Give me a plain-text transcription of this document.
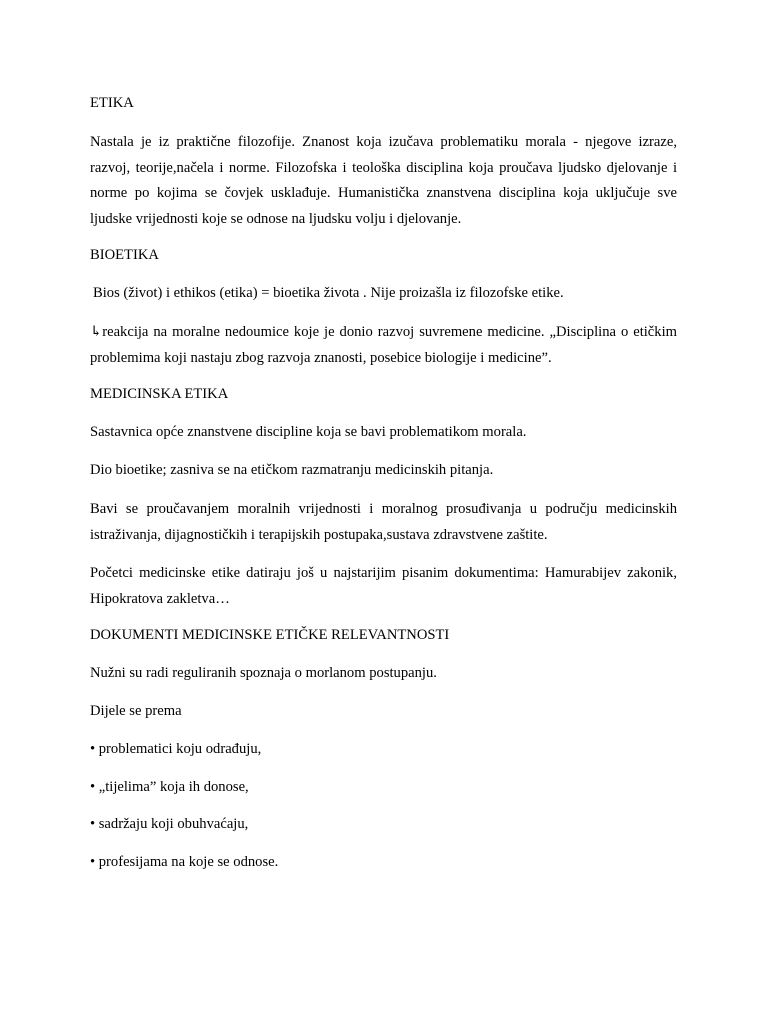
ETIKA
Nastala je iz praktične filozofije. Znanost koja izučava problematiku morala - njegove izraze, razvoj, teorije,načela i norme. Filozofska i teološka disciplina koja proučava ljudsko djelovanje i norme po kojima se čovjek usklađuje. Humanistička znanstvena disciplina koja uključuje sve ljudske vrijednosti koje se odnose na ljudsku volju i djelovanje.
BIOETIKA
Bios (život) i ethikos (etika) = bioetika života . Nije proizašla iz filozofske etike.
↳reakcija na moralne nedoumice koje je donio razvoj suvremene medicine. „Disciplina o etičkim problemima koji nastaju zbog razvoja znanosti, posebice biologije i medicine”.
MEDICINSKA ETIKA
Sastavnica opće znanstvene discipline koja se bavi problematikom morala.
Dio bioetike; zasniva se na etičkom razmatranju medicinskih pitanja.
Bavi se proučavanjem moralnih vrijednosti i moralnog prosuđivanja u području medicinskih istraživanja, dijagnostičkih i terapijskih postupaka,sustava zdravstvene zaštite.
Početci medicinske etike datiraju još u najstarijim pisanim dokumentima: Hamurabijev zakonik, Hipokratova zakletva…
DOKUMENTI MEDICINSKE ETIČKE RELEVANTNOSTI
Nužni su radi reguliranih spoznaja o morlanom postupanju.
Dijele se prema
• problematici koju odrađuju,
• „tijelima” koja ih donose,
• sadržaju koji obuhvaćaju,
• profesijama na koje se odnose.
